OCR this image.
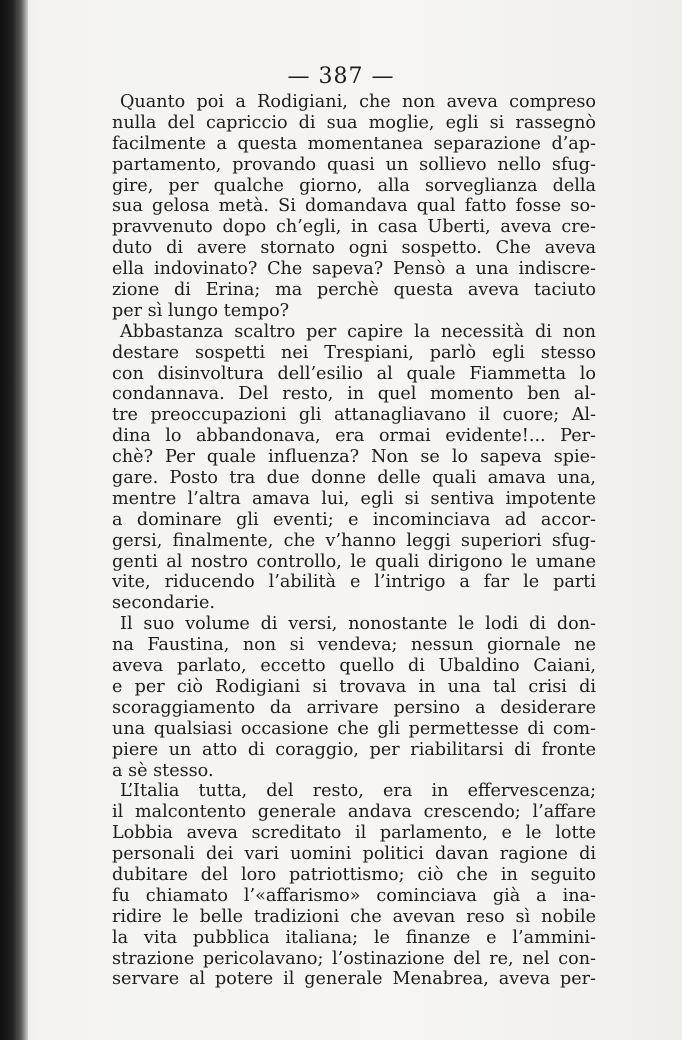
— 387 —
Quanto poi a Rodigiani, che non aveva compreso
nulla del capriccio di sua moglie, egli si rassegnò
facilmente a questa momentanea separazione d’ap-
partamento, provando quasi un sollievo nello sfug-
gire, per qualche giorno, alla sorveglianza della
sua gelosa metà. Si domandava qual fatto fosse so-
pravvenuto dopo ch’egli, in casa Uberti, aveva cre-
duto di avere stornato ogni sospetto. Che aveva
ella indovinato? Che sapeva? Pensò a una indiscre-
zione di Erina; ma perchè questa aveva taciuto
per sì lungo tempo?
Abbastanza scaltro per capire la necessità di non
destare sospetti nei Trespiani, parlò egli stesso
con disinvoltura dell’esilio al quale Fiammetta lo
condannava. Del resto, in quel momento ben al-
tre preoccupazioni gli attanagliavano il cuore; Al-
dina lo abbandonava, era ormai evidente!... Per-
chè? Per quale influenza? Non se lo sapeva spie-
gare. Posto tra due donne delle quali amava una,
mentre l’altra amava lui, egli si sentiva impotente
a dominare gli eventi; e incominciava ad accor-
gersi, finalmente, che v’hanno leggi superiori sfug-
genti al nostro controllo, le quali dirigono le umane
vite, riducendo l’abilità e l’intrigo a far le parti
secondarie.
Il suo volume di versi, nonostante le lodi di don-
na Faustina, non si vendeva; nessun giornale ne
aveva parlato, eccetto quello di Ubaldino Caiani,
e per ciò Rodigiani si trovava in una tal crisi di
scoraggiamento da arrivare persino a desiderare
una qualsiasi occasione che gli permettesse di com-
piere un atto di coraggio, per riabilitarsi di fronte
a sè stesso.
L’Italia tutta, del resto, era in effervescenza;
il malcontento generale andava crescendo; l’affare
Lobbia aveva screditato il parlamento, e le lotte
personali dei vari uomini politici davan ragione di
dubitare del loro patriottismo; ciò che in seguito
fu chiamato l’«affarismo» cominciava già a ina-
ridire le belle tradizioni che avevan reso sì nobile
la vita pubblica italiana; le finanze e l’ammini-
strazione pericolavano; l’ostinazione del re, nel con-
servare al potere il generale Menabrea, aveva per-
